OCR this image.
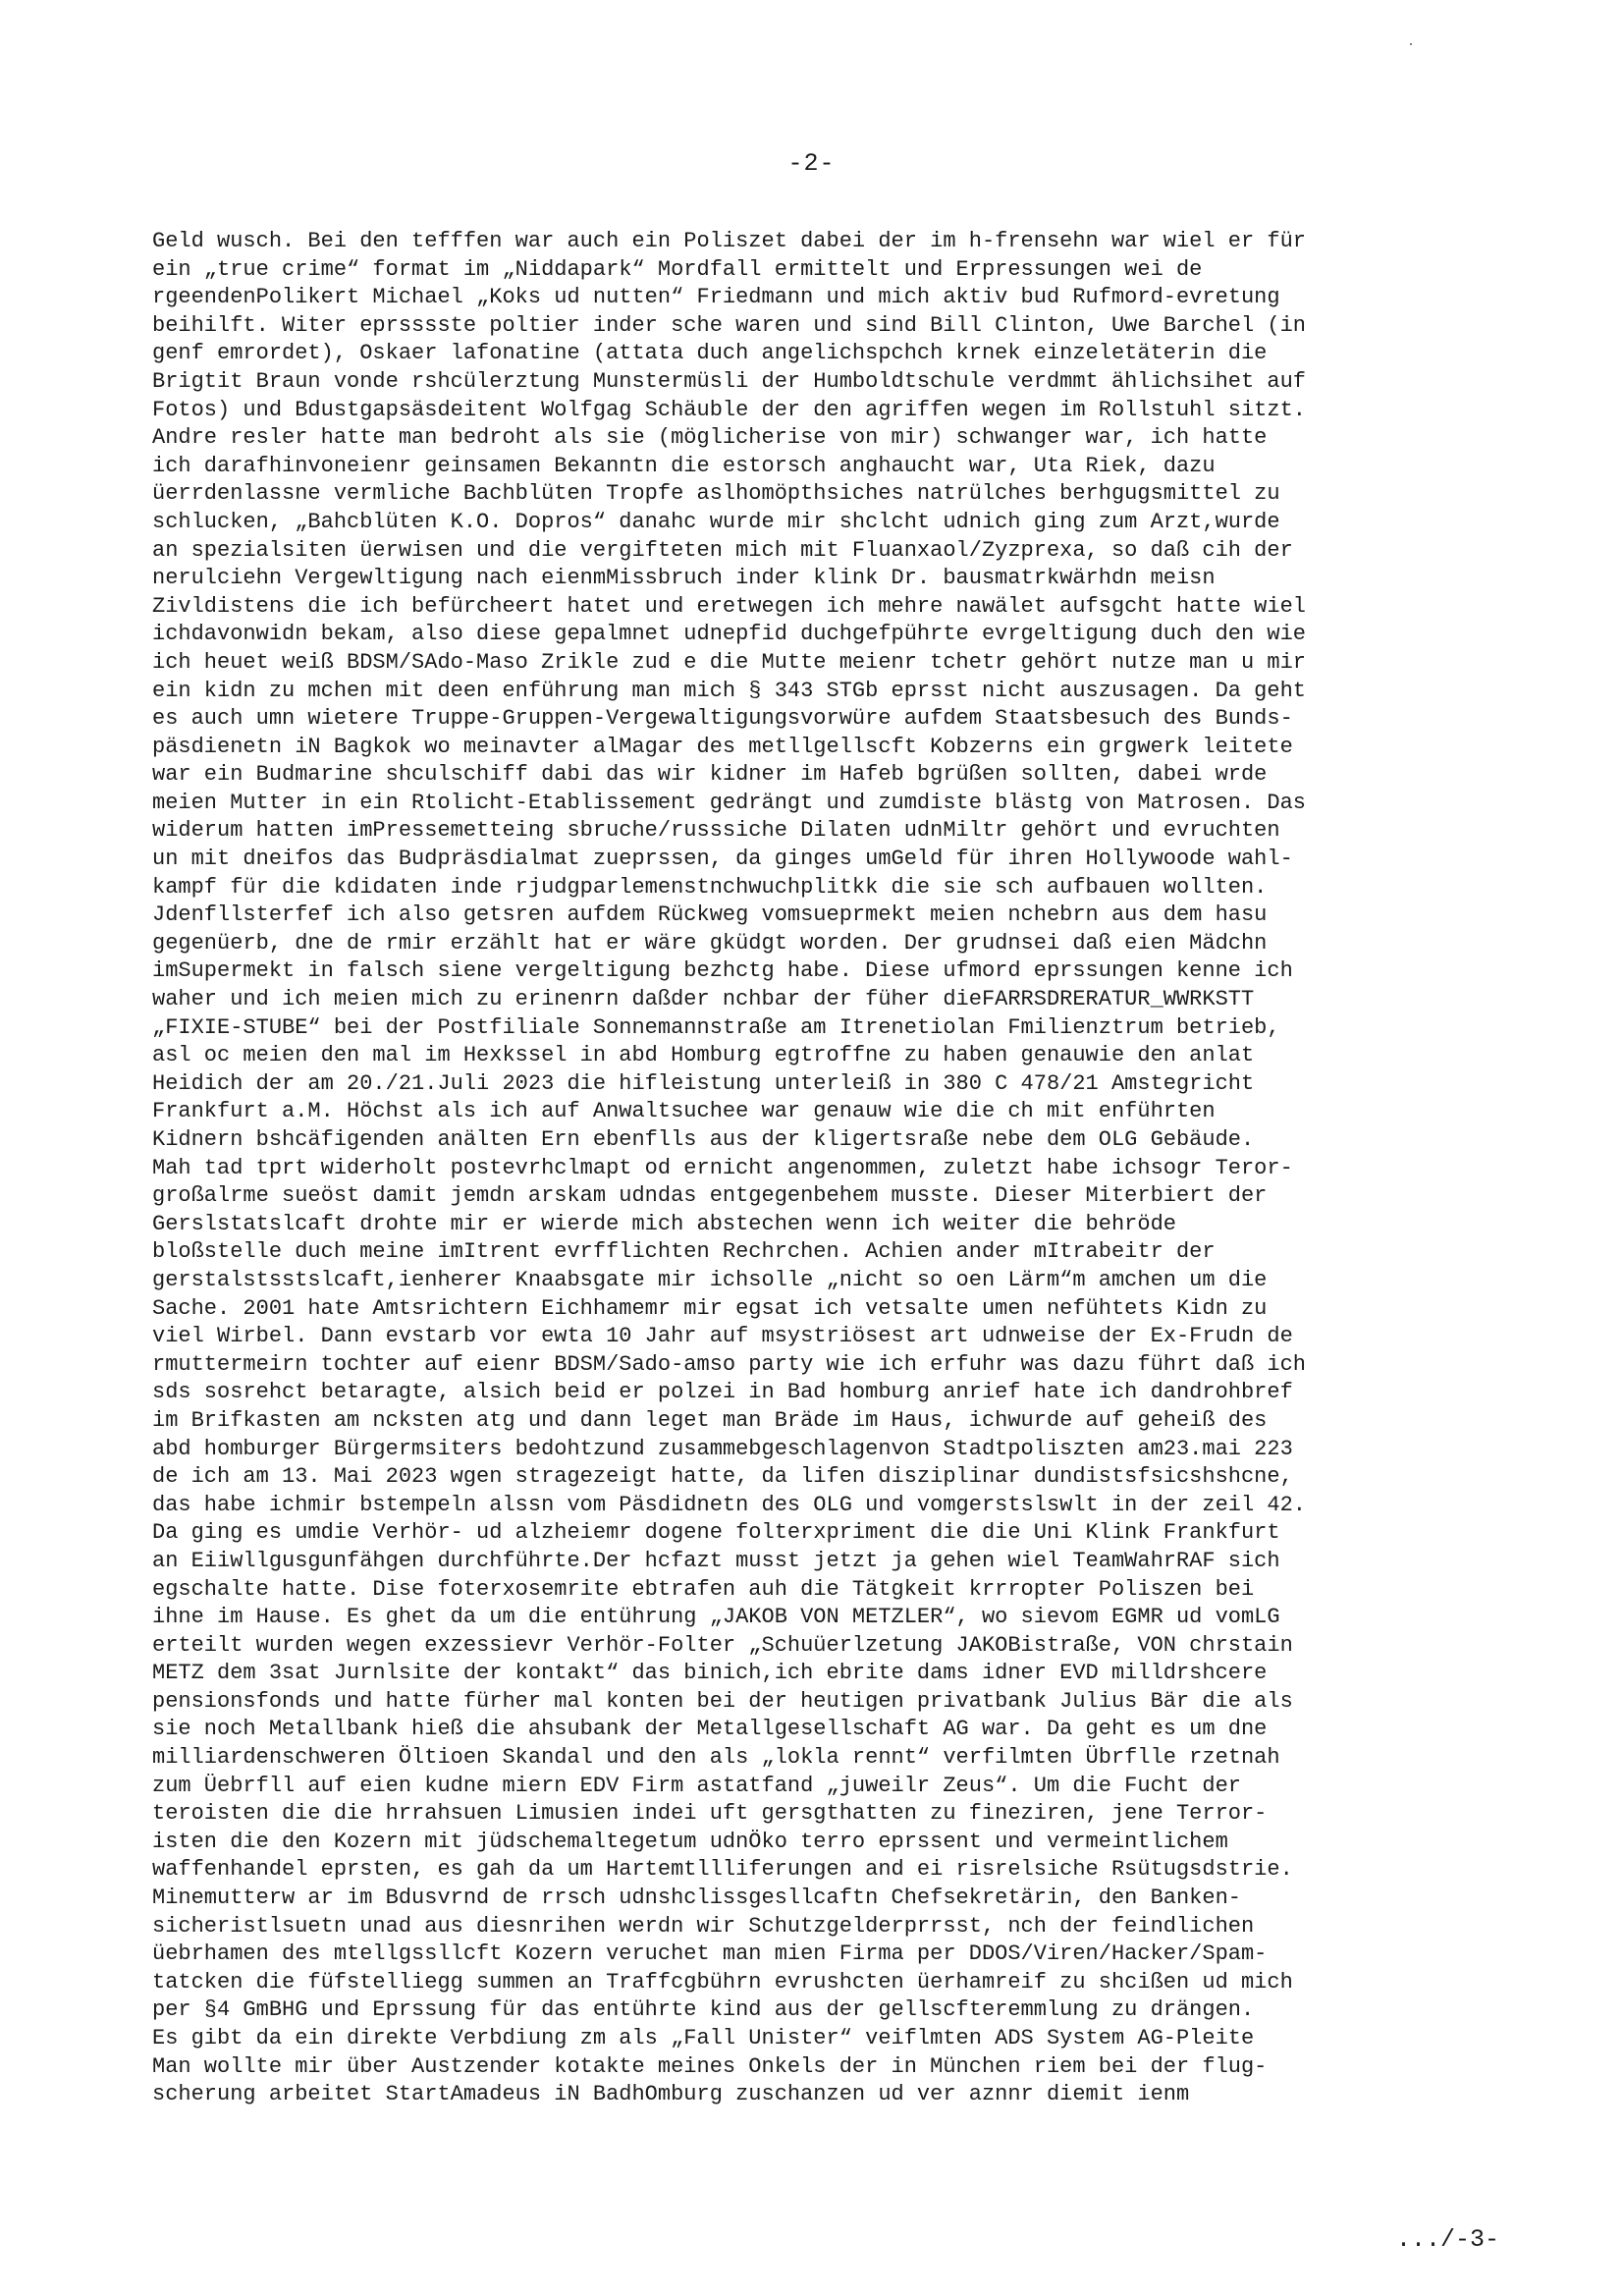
-2-
Geld wusch. Bei den tefffen war auch ein Poliszet dabei der im h-frensehn war wiel er für
ein „true crime“ format im „Niddapark“ Mordfall ermittelt und Erpressungen wei de
rgeendenPolikert Michael „Koks ud nutten“ Friedmann und mich aktiv bud Rufmord-evretung
beihilft. Witer eprsssste poltier inder sche waren und sind Bill Clinton, Uwe Barchel (in
genf emrordet), Oskaer lafonatine (attata duch angelichspchch krnek einzeletäterin die
Brigtit Braun vonde rshcülerztung Munstermüsli der Humboldtschule verdmmt ählichsihet auf
Fotos) und Bdustgapsäsdeitent Wolfgag Schäuble der den agriffen wegen im Rollstuhl sitzt.
Andre resler hatte man bedroht als sie (möglicherise von mir) schwanger war, ich hatte
ich darafhinvoneienr geinsamen Bekanntn die estorsch anghaucht war, Uta Riek, dazu
üerrdenlassne vermliche Bachblüten Tropfe aslhomöpthsiches natrülches berhgugsmittel zu
schlucken, „Bahcblüten K.O. Dopros“ danahc wurde mir shclcht udnich ging zum Arzt,wurde
an spezialsiten üerwisen und die vergifteten mich mit Fluanxaol/Zyzprexa, so daß cih der
nerulciehn Vergewltigung nach eienmMissbruch inder klink Dr. bausmatrkwärhdn meisn
Zivldistens die ich befürcheert hatet und eretwegen ich mehre nawälet aufsgcht hatte wiel
ichdavonwidn bekam, also diese gepalmnet udnepfid duchgefpührte evrgeltigung duch den wie
ich heuet weiß BDSM/SAdo-Maso Zrikle zud e die Mutte meienr tchetr gehört nutze man u mir
ein kidn zu mchen mit deen enführung man mich § 343 STGb eprsst nicht auszusagen. Da geht
es auch umn wietere Truppe-Gruppen-Vergewaltigungsvorwüre aufdem Staatsbesuch des Bunds-
päsdienetn iN Bagkok wo meinavter alMagar des metllgellscft Kobzerns ein grgwerk leitete
war ein Budmarine shculschiff dabi das wir kidner im Hafeb bgrüßen sollten, dabei wrde
meien Mutter in ein Rtolicht-Etablissement gedrängt und zumdiste blästg von Matrosen. Das
widerum hatten imPressemetteing sbruche/russsiche Dilaten udnMiltr gehört und evruchten
un mit dneifos das Budpräsdialmat zueprssen, da ginges umGeld für ihren Hollywoode wahl-
kampf für die kdidaten inde rjudgparlemenstnchwuchplitkk die sie sch aufbauen wollten.
Jdenfllsterfef ich also getsren aufdem Rückweg vomsueprmekt meien nchebrn aus dem hasu
gegenüerb, dne de rmir erzählt hat er wäre gküdgt worden. Der grudnsei daß eien Mädchn
imSupermekt in falsch siene vergeltigung bezhctg habe. Diese ufmord eprssungen kenne ich
waher und ich meien mich zu erinenrn daßder nchbar der füher dieFARRSDRERATUR_WWRKSTT
„FIXIE-STUBE“ bei der Postfiliale Sonnemannstraße am Itrenetiolan Fmilienztrum betrieb,
asl oc meien den mal im Hexkssel in abd Homburg egtroffne zu haben genauwie den anlat
Heidich der am 20./21.Juli 2023 die hifleistung unterleiß in 380 C 478/21 Amstegricht
Frankfurt a.M. Höchst als ich auf Anwaltsuchee war genauw wie die ch mit enführten
Kidnern bshcäfigenden anälten Ern ebenflls aus der kligertsraße nebe dem OLG Gebäude.
Mah tad tprt widerholt postevrhclmapt od ernicht angenommen, zuletzt habe ichsogr Teror-
großalrme sueöst damit jemdn arskam udndas entgegenbehem musste. Dieser Miterbiert der
Gerslstatslcaft drohte mir er wierde mich abstechen wenn ich weiter die behröde
bloßstelle duch meine imItrent evrfflichten Rechrchen. Achien ander mItrabeitr der
gerstalstsstslcaft,ienherer Knaabsgate mir ichsolle „nicht so oen Lärm“m amchen um die
Sache. 2001 hate Amtsrichtern Eichhamemr mir egsat ich vetsalte umen nefühtets Kidn zu
viel Wirbel. Dann evstarb vor ewta 10 Jahr auf msystriösest art udnweise der Ex-Frudn de
rmuttermeirn tochter auf eienr BDSM/Sado-amso party wie ich erfuhr was dazu führt daß ich
sds sosrehct betaragte, alsich beid er polzei in Bad homburg anrief hate ich dandrohbref
im Brifkasten am ncksten atg und dann leget man Bräde im Haus, ichwurde auf geheiß des
abd homburger Bürgermsiters bedohtzund zusammebgeschlagenvon Stadtpoliszten am23.mai 223
de ich am 13. Mai 2023 wgen stragezeigt hatte, da lifen disziplinar dundistsfsicshshcne,
das habe ichmir bstempeln alssn vom Päsdidnetn des OLG und vomgerstslswlt in der zeil 42.
Da ging es umdie Verhör- ud alzheiemr dogene folterxpriment die die Uni Klink Frankfurt
an Eiiwllgusgunfähgen durchführte.Der hcfazt musst jetzt ja gehen wiel TeamWahrRAF sich
egschalte hatte. Dise foterxosemrite ebtrafen auh die Tätgkeit krrropter Poliszen bei
ihne im Hause. Es ghet da um die entührung „JAKOB VON METZLER“, wo sievom EGMR ud vomLG
erteilt wurden wegen exzessievr Verhör-Folter „Schuüerlzetung JAKOBistraße, VON chrstain
METZ dem 3sat Jurnlsite der kontakt“ das binich,ich ebrite dams idner EVD milldrshcere
pensionsfonds und hatte fürher mal konten bei der heutigen privatbank Julius Bär die als
sie noch Metallbank hieß die ahsubank der Metallgesellschaft AG war. Da geht es um dne
milliardenschweren Öltioen Skandal und den als „lokla rennt“ verfilmten Übrflle rzetnah
zum Üebrfll auf eien kudne miern EDV Firm astatfand „juweilr Zeus“. Um die Fucht der
teroisten die die hrrahsuen Limusien indei uft gersgthatten zu fineziren, jene Terror-
isten die den Kozern mit jüdschemaltegetum udnÖko terro eprssent und vermeintlichem
waffenhandel eprsten, es gah da um Hartemtllliferungen and ei risrelsiche Rsütugsdstrie.
Minemutterw ar im Bdusvrnd de rrsch udnshclissgesllcaftn Chefsekretärin, den Banken-
sicheristlsuetn unad aus diesnrihen werdn wir Schutzgelderprrsst, nch der feindlichen
üebrhamen des mtellgssllcft Kozern veruchet man mien Firma per DDOS/Viren/Hacker/Spam-
tatcken die füfstelliegg summen an Traffcgbührn evrushcten üerhamreif zu shcißen ud mich
per §4 GmBHG und Eprssung für das entührte kind aus der gellscfteremmlung zu drängen.
Es gibt da ein direkte Verbdiung zm als „Fall Unister“ veiflmten ADS System AG-Pleite
Man wollte mir über Austzender kotakte meines Onkels der in München riem bei der flug-
scherung arbeitet StartAmadeus iN BadhOmburg zuschanzen ud ver aznnr diemit ienm
.../-3-
